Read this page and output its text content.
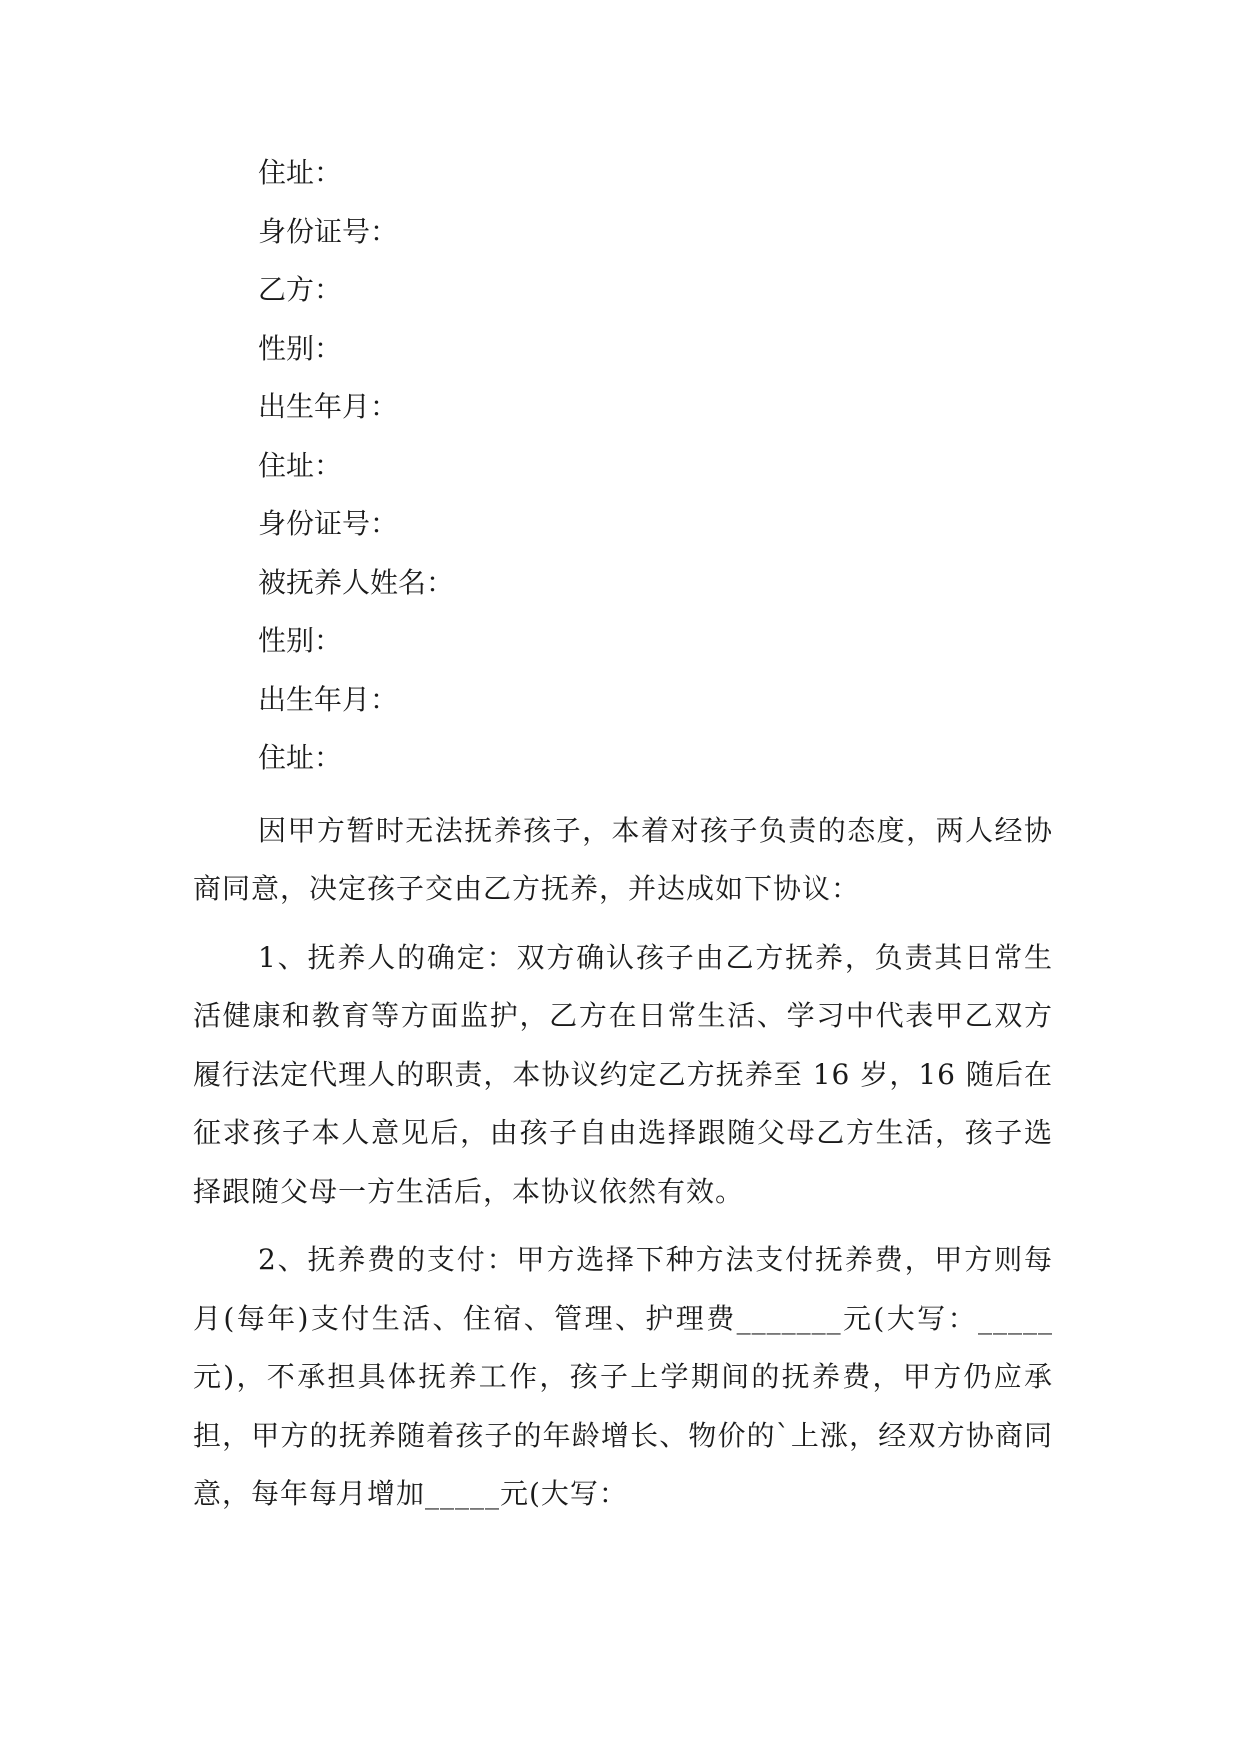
住址：

身份证号：

乙方：

性别：

出生年月：

住址：

身份证号：

被抚养人姓名：

性别：

出生年月：

住址：

因甲方暂时无法抚养孩子，本着对孩子负责的态度，两人经协商同意，决定孩子交由乙方抚养，并达成如下协议：

1、抚养人的确定：双方确认孩子由乙方抚养，负责其日常生活健康和教育等方面监护，乙方在日常生活、学习中代表甲乙双方履行法定代理人的职责，本协议约定乙方抚养至 16 岁，16 随后在征求孩子本人意见后，由孩子自由选择跟随父母乙方生活，孩子选择跟随父母一方生活后，本协议依然有效。

2、抚养费的支付：甲方选择下种方法支付抚养费，甲方则每月(每年)支付生活、住宿、管理、护理费_______元(大写：_____元)，不承担具体抚养工作，孩子上学期间的抚养费，甲方仍应承担，甲方的抚养随着孩子的年龄增长、物价的`上涨，经双方协商同意，每年每月增加_____元(大写：
